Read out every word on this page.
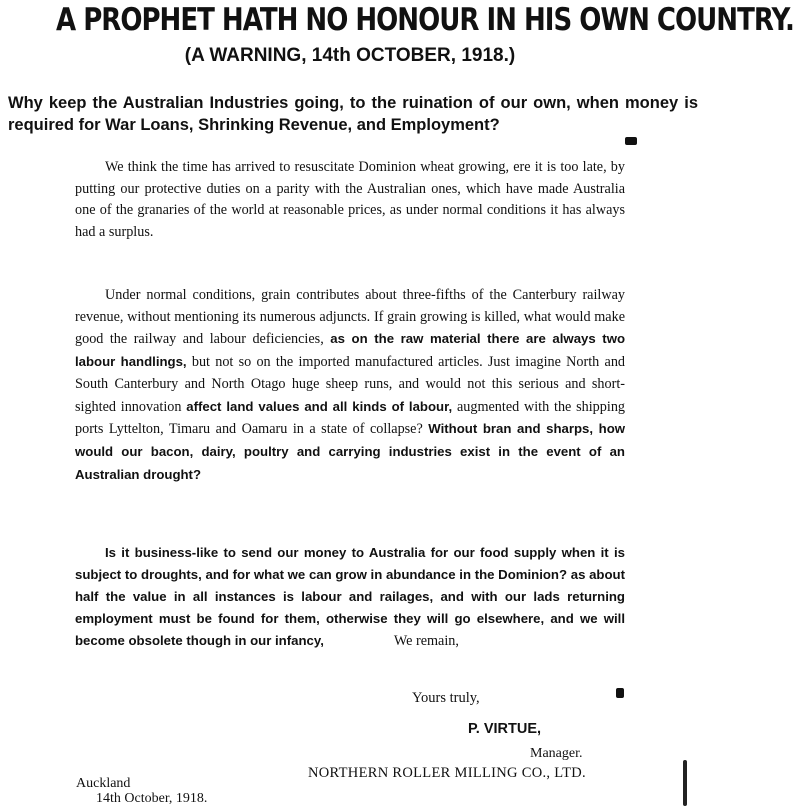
A PROPHET HATH NO HONOUR IN HIS OWN COUNTRY.
(A WARNING, 14th OCTOBER, 1918.)
Why keep the Australian Industries going, to the ruination of our own, when money is required for War Loans, Shrinking Revenue, and Employment?
We think the time has arrived to resuscitate Dominion wheat growing, ere it is too late, by putting our protective duties on a parity with the Australian ones, which have made Australia one of the granaries of the world at reasonable prices, as under normal conditions it has always had a surplus.
Under normal conditions, grain contributes about three-fifths of the Canterbury railway revenue, without mentioning its numerous adjuncts. If grain growing is killed, what would make good the railway and labour deficiencies, as on the raw material there are always two labour handlings, but not so on the imported manufactured articles. Just imagine North and South Canterbury and North Otago huge sheep runs, and would not this serious and short-sighted innovation affect land values and all kinds of labour, augmented with the shipping ports Lyttelton, Timaru and Oamaru in a state of collapse? Without bran and sharps, how would our bacon, dairy, poultry and carrying industries exist in the event of an Australian drought?
Is it business-like to send our money to Australia for our food supply when it is subject to droughts, and for what we can grow in abundance in the Dominion? as about half the value in all instances is labour and railages, and with our lads returning employment must be found for them, otherwise they will go elsewhere, and we will become obsolete though in our infancy,	We remain,
Yours truly,
P. VIRTUE,
Manager.
NORTHERN ROLLER MILLING CO., LTD.
Auckland
14th October, 1918.
